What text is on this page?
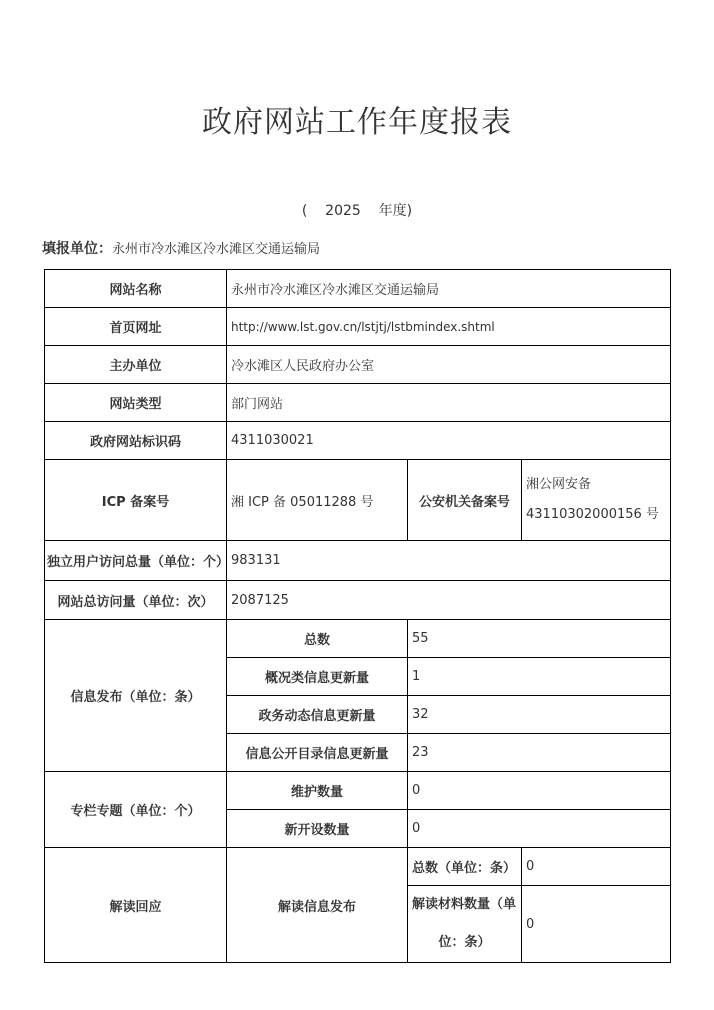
政府网站工作年度报表
( 2025 年度)
填报单位：永州市冷水滩区冷水滩区交通运输局
网站名称	永州市冷水滩区冷水滩区交通运输局		
首页网址	http://www.lst.gov.cn/lstjtj/lstbmindex.shtml		
主办单位	冷水滩区人民政府办公室		
网站类型	部门网站		
政府网站标识码	4311030021		
ICP 备案号	湘 ICP 备 05011288 号	公安机关备案号	湘公网安备
43110302000156 号

独立用户访问总量（单位：个）	983131		
网站总访问量（单位：次）	2087125		
信息发布（单位：条）	总数	55	
	概况类信息更新量	1	
	政务动态信息更新量	32	
	信息公开目录信息更新量	23	
专栏专题（单位：个）	维护数量	0	
	新开设数量	0	
解读回应	解读信息发布	总数（单位：条）	0

		解读材料数量（单
位：条）	0
